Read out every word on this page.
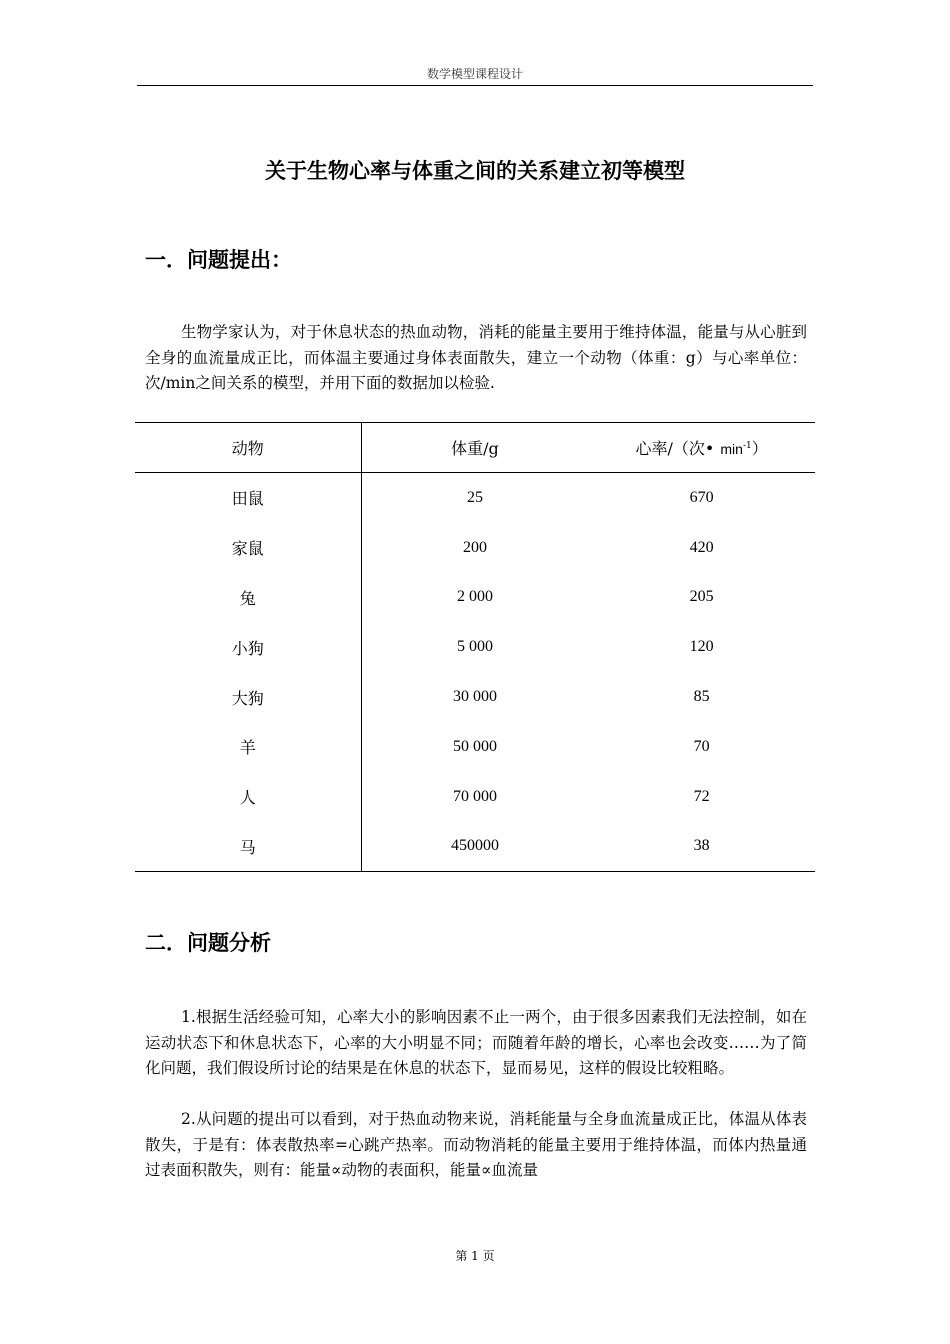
数学模型课程设计
关于生物心率与体重之间的关系建立初等模型
一．问题提出：

生物学家认为，对于休息状态的热血动物，消耗的能量主要用于维持体温，能量与从心脏到全身的血流量成正比，而体温主要通过身体表面散失，建立一个动物（体重：g）与心率单位：次/min之间关系的模型，并用下面的数据加以检验.

动物	体重/g	心率/（次• $\min^{-1}$）
田鼠	25	670
家鼠	200	420
兔	2 000	205
小狗	5 000	120
大狗	30 000	85
羊	50 000	70
人	70 000	72
马	450000	38
二．问题分析

1.根据生活经验可知，心率大小的影响因素不止一两个，由于很多因素我们无法控制，如在运动状态下和休息状态下，心率的大小明显不同；而随着年龄的增长，心率也会改变……为了简化问题，我们假设所讨论的结果是在休息的状态下，显而易见，这样的假设比较粗略。

2.从问题的提出可以看到，对于热血动物来说，消耗能量与全身血流量成正比，体温从体表散失，于是有：体表散热率=心跳产热率。而动物消耗的能量主要用于维持体温，而体内热量通过表面积散失，则有：能量∝动物的表面积，能量∝血流量

第 1 页
